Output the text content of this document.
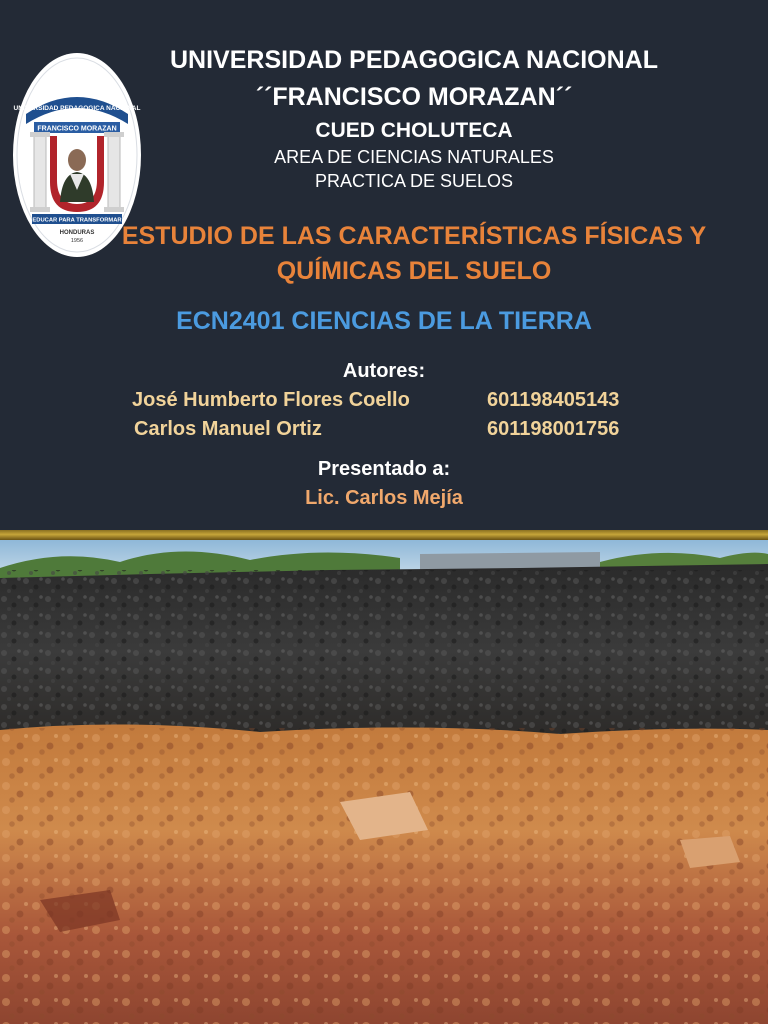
UNIVERSIDAD PEDAGOGICA NACIONAL
FRANCISCO MORAZAN
EDUCAR PARA TRANSFORMAR
HONDURAS
1956
UNIVERSIDAD PEDAGOGICA NACIONAL
´´FRANCISCO MORAZAN´´
CUED CHOLUTECA
AREA DE CIENCIAS NATURALES
PRACTICA DE SUELOS
ESTUDIO DE LAS CARACTERÍSTICAS FÍSICAS Y
QUÍMICAS DEL SUELO
ECN2401 CIENCIAS DE LA TIERRA
Autores:
José Humberto Flores Coello	601198405143
Carlos Manuel Ortiz	601198001756
Presentado a:
Lic. Carlos Mejía
